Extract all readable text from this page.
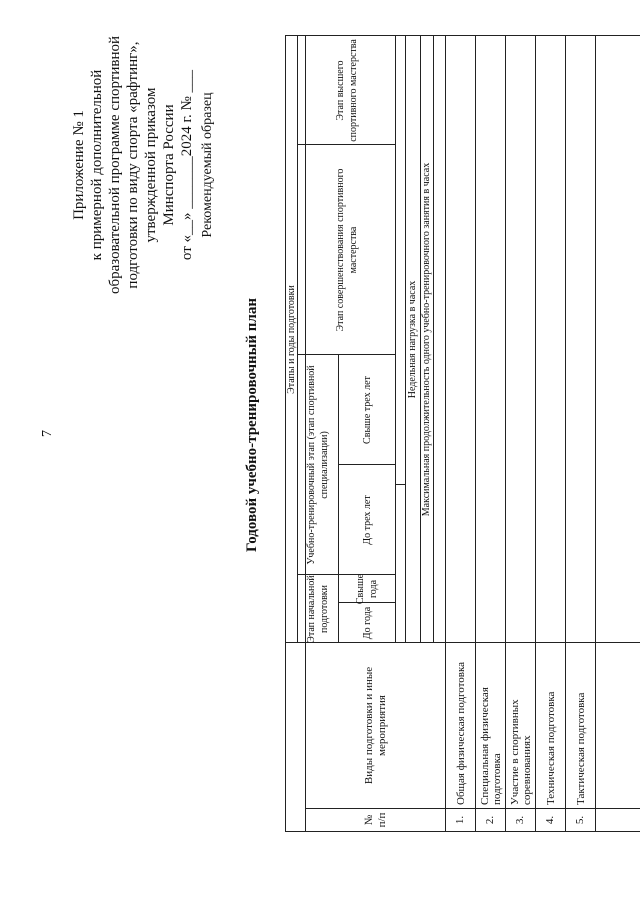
7
Приложение № 1 к примерной дополнительной образовательной программе спортивной подготовки по виду спорта «рафтинг», утвержденной приказом Минспорта России от «__» _______2024 г. № ___ Рекомендуемый образец
Годовой учебно-тренировочный план
№ п/п
Виды подготовки и иные мероприятия
Этапы и годы подготовки
Этап начальной подготовки
Учебно-тренировочный этап (этап спортивной специализации)
Этап совершенствования спортивного мастерства
Этап высшего спортивного мастерства
До года
Свыше года
До трех лет
Свыше трех лет
Недельная нагрузка в часах Максимальная продолжительность одного учебно-тренировочного занятия в часах
1.
Общая физическая подготовка
2.
Специальная физическая подготовка
3.
Участие в спортивных соревнованиях
4.
Техническая подготовка
5.
Тактическая подготовка
